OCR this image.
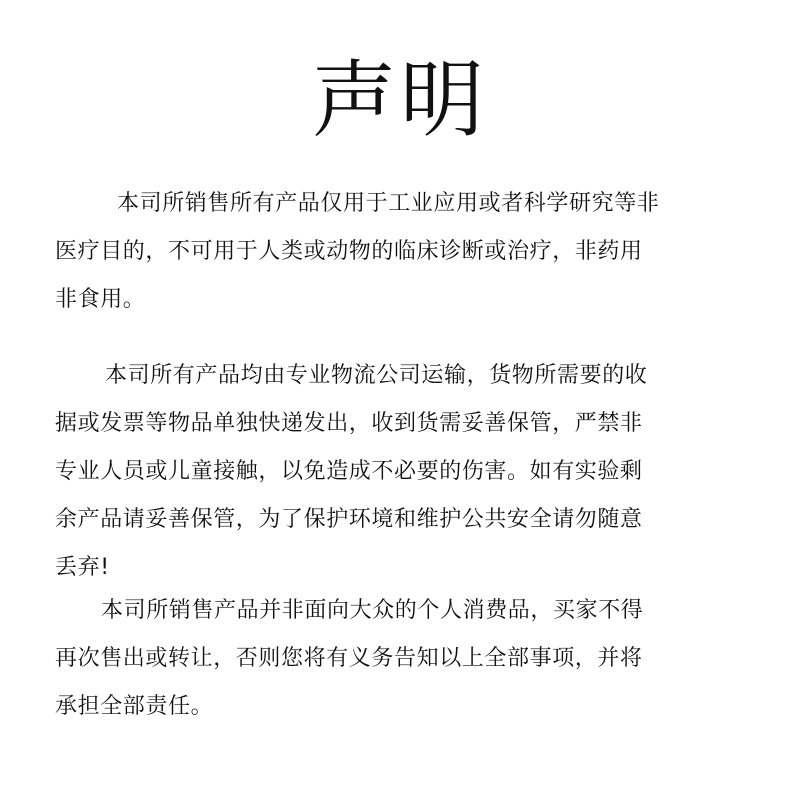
声明
本司所销售所有产品仅用于工业应用或者科学研究等非
医疗目的，不可用于人类或动物的临床诊断或治疗，非药用
非食用。
本司所有产品均由专业物流公司运输，货物所需要的收
据或发票等物品单独快递发出，收到货需妥善保管，严禁非
专业人员或儿童接触，以免造成不必要的伤害。如有实验剩
余产品请妥善保管，为了保护环境和维护公共安全请勿随意
丢弃!
本司所销售产品并非面向大众的个人消费品，买家不得
再次售出或转让，否则您将有义务告知以上全部事项，并将
承担全部责任。
